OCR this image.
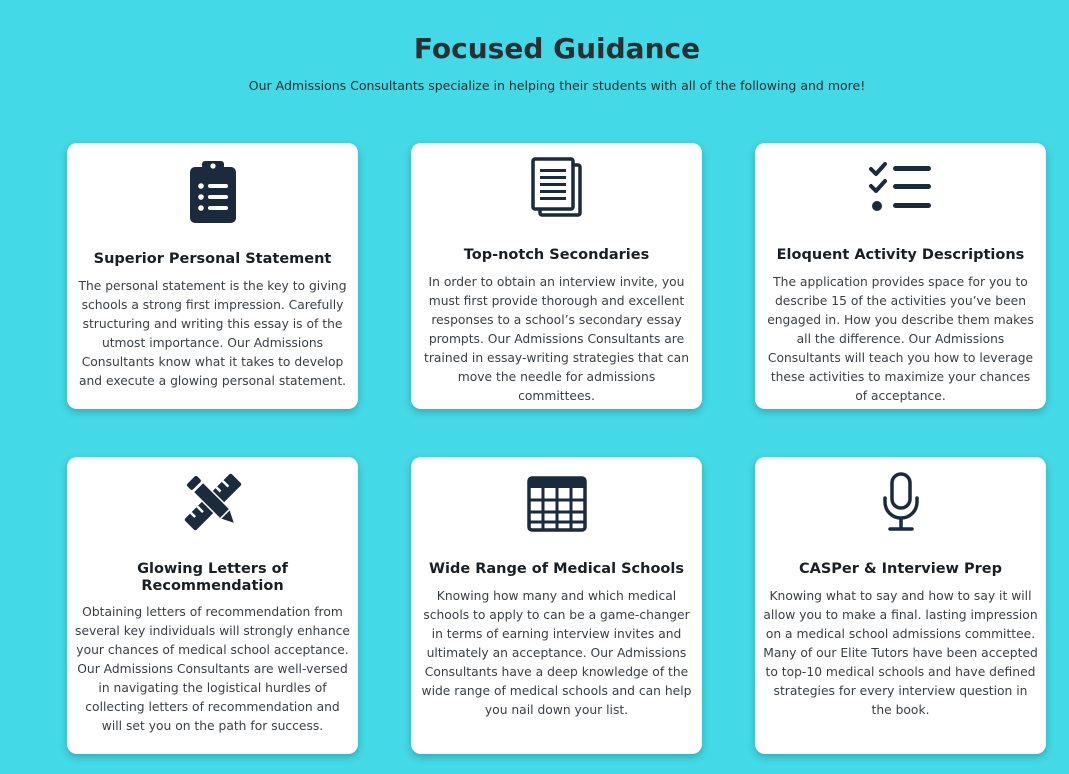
Focused Guidance

Our Admissions Consultants specialize in helping their students with all of the following and more!

Superior Personal Statement

The personal statement is the key to giving schools a strong first impression. Carefully structuring and writing this essay is of the utmost importance. Our Admissions Consultants know what it takes to develop and execute a glowing personal statement.

Top-notch Secondaries

In order to obtain an interview invite, you must first provide thorough and excellent responses to a school’s secondary essay prompts. Our Admissions Consultants are trained in essay-writing strategies that can move the needle for admissions committees.

Eloquent Activity Descriptions

The application provides space for you to describe 15 of the activities you’ve been engaged in. How you describe them makes all the difference. Our Admissions Consultants will teach you how to leverage these activities to maximize your chances of acceptance.

Glowing Letters of Recommendation

Obtaining letters of recommendation from several key individuals will strongly enhance your chances of medical school acceptance. Our Admissions Consultants are well-versed in navigating the logistical hurdles of collecting letters of recommendation and will set you on the path for success.

Wide Range of Medical Schools

Knowing how many and which medical schools to apply to can be a game-changer in terms of earning interview invites and ultimately an acceptance. Our Admissions Consultants have a deep knowledge of the wide range of medical schools and can help you nail down your list.

CASPer & Interview Prep

Knowing what to say and how to say it will allow you to make a final. lasting impression on a medical school admissions committee. Many of our Elite Tutors have been accepted to top-10 medical schools and have defined strategies for every interview question in the book.
